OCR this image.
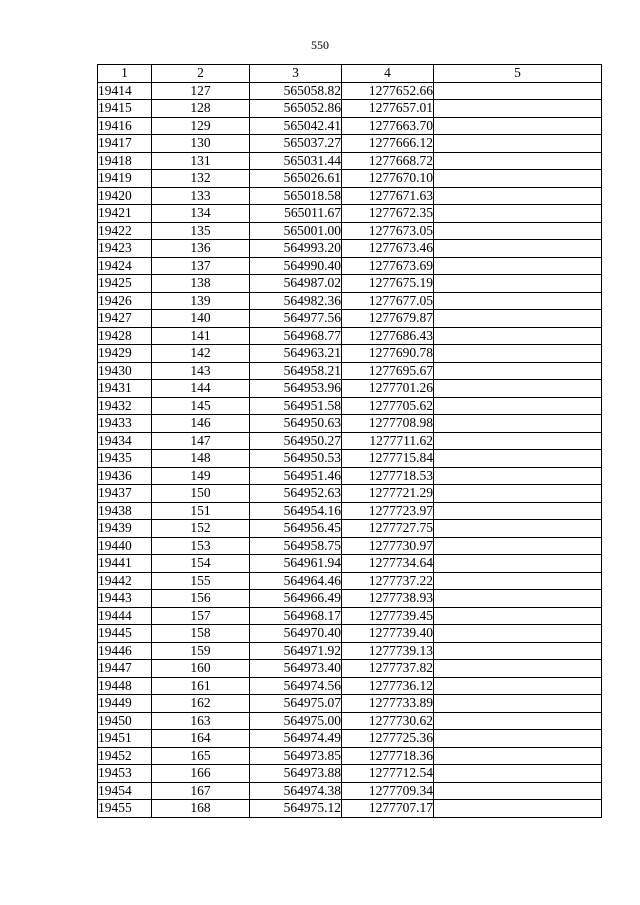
550
1	2	3	4	5
19414	127	565058.82	1277652.66	
19415	128	565052.86	1277657.01	
19416	129	565042.41	1277663.70	
19417	130	565037.27	1277666.12	
19418	131	565031.44	1277668.72	
19419	132	565026.61	1277670.10	
19420	133	565018.58	1277671.63	
19421	134	565011.67	1277672.35	
19422	135	565001.00	1277673.05	
19423	136	564993.20	1277673.46	
19424	137	564990.40	1277673.69	
19425	138	564987.02	1277675.19	
19426	139	564982.36	1277677.05	
19427	140	564977.56	1277679.87	
19428	141	564968.77	1277686.43	
19429	142	564963.21	1277690.78	
19430	143	564958.21	1277695.67	
19431	144	564953.96	1277701.26	
19432	145	564951.58	1277705.62	
19433	146	564950.63	1277708.98	
19434	147	564950.27	1277711.62	
19435	148	564950.53	1277715.84	
19436	149	564951.46	1277718.53	
19437	150	564952.63	1277721.29	
19438	151	564954.16	1277723.97	
19439	152	564956.45	1277727.75	
19440	153	564958.75	1277730.97	
19441	154	564961.94	1277734.64	
19442	155	564964.46	1277737.22	
19443	156	564966.49	1277738.93	
19444	157	564968.17	1277739.45	
19445	158	564970.40	1277739.40	
19446	159	564971.92	1277739.13	
19447	160	564973.40	1277737.82	
19448	161	564974.56	1277736.12	
19449	162	564975.07	1277733.89	
19450	163	564975.00	1277730.62	
19451	164	564974.49	1277725.36	
19452	165	564973.85	1277718.36	
19453	166	564973.88	1277712.54	
19454	167	564974.38	1277709.34	
19455	168	564975.12	1277707.17	
